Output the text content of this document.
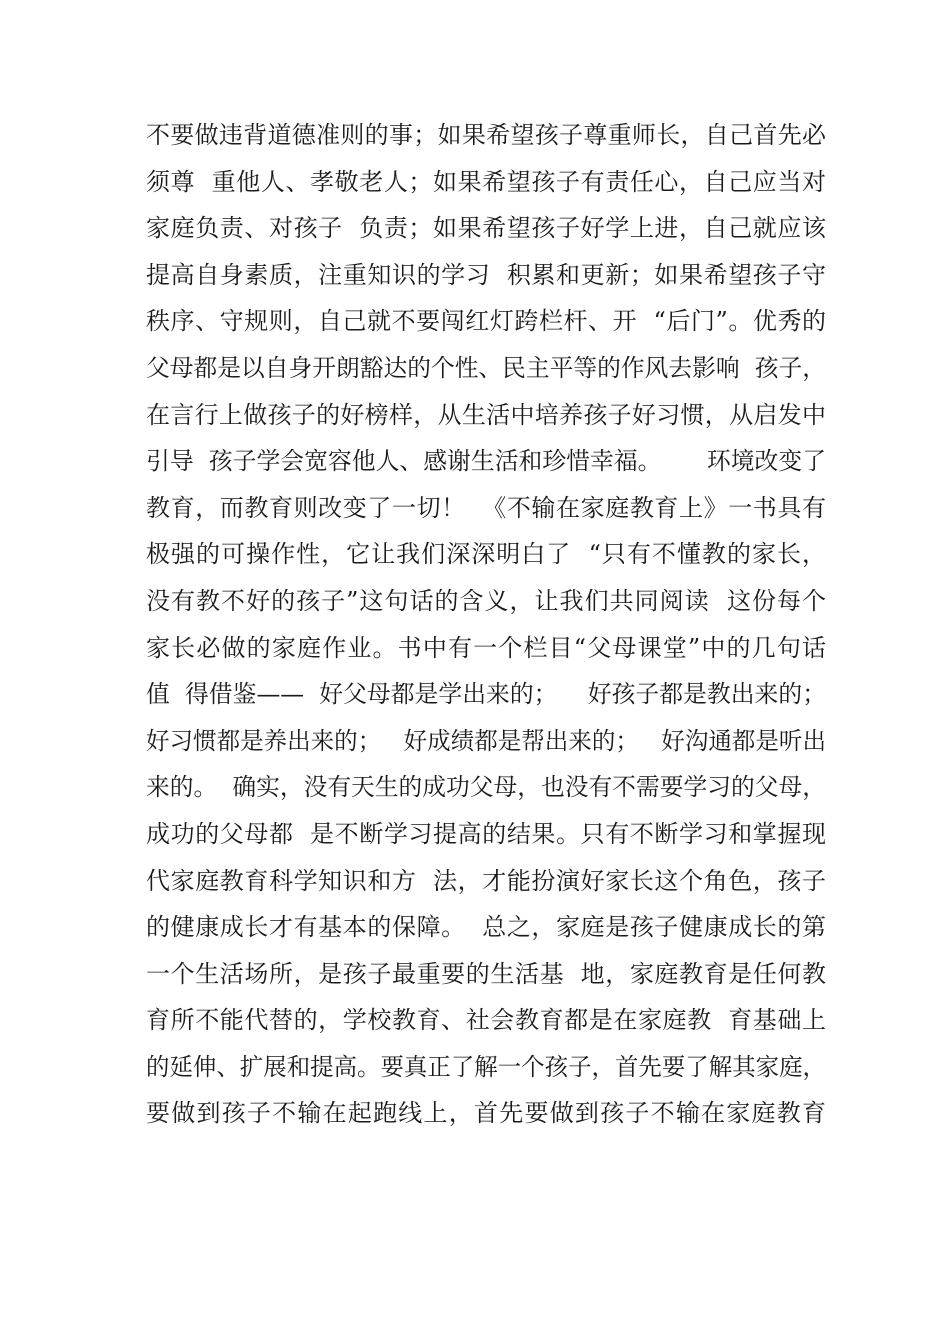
不要做违背道德准则的事；如果希望孩子尊重师长，自己首先必
须尊  重他人、孝敬老人；如果希望孩子有责任心，自己应当对
家庭负责、对孩子  负责；如果希望孩子好学上进，自己就应该
提高自身素质，注重知识的学习  积累和更新；如果希望孩子守
秩序、守规则，自己就不要闯红灯跨栏杆、开  “后门”。优秀的
父母都是以自身开朗豁达的个性、民主平等的作风去影响  孩子，
在言行上做孩子的好榜样，从生活中培养孩子好习惯，从启发中
引导  孩子学会宽容他人、感谢生活和珍惜幸福。      环境改变了
教育，而教育则改变了一切！  《不输在家庭教育上》一书具有
极强的可操作性，它让我们深深明白了  “只有不懂教的家长，
没有教不好的孩子”这句话的含义，让我们共同阅读  这份每个
家长必做的家庭作业。书中有一个栏目“父母课堂”中的几句话
值  得借鉴——  好父母都是学出来的；    好孩子都是教出来的；
好习惯都是养出来的；   好成绩都是帮出来的；   好沟通都是听出
来的。  确实，没有天生的成功父母，也没有不需要学习的父母，
成功的父母都  是不断学习提高的结果。只有不断学习和掌握现
代家庭教育科学知识和方  法，才能扮演好家长这个角色，孩子
的健康成长才有基本的保障。  总之，家庭是孩子健康成长的第
一个生活场所，是孩子最重要的生活基  地，家庭教育是任何教
育所不能代替的，学校教育、社会教育都是在家庭教  育基础上
的延伸、扩展和提高。要真正了解一个孩子，首先要了解其家庭，
要做到孩子不输在起跑线上，首先要做到孩子不输在家庭教育
